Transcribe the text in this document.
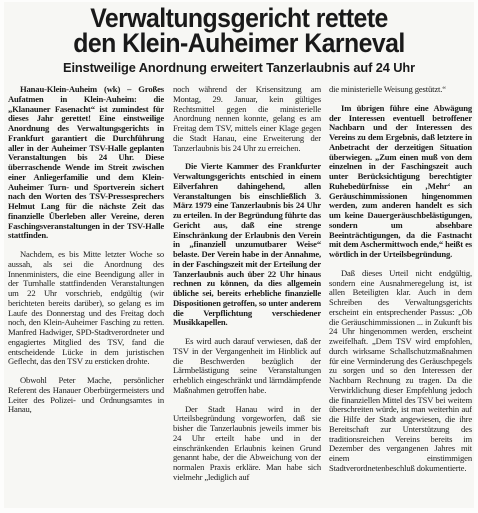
Verwaltungsgericht rettete
den Klein-Auheimer Karneval
Einstweilige Anordnung erweitert Tanzerlaubnis auf 24 Uhr

Hanau-Klein-Auheim (wk) – Großes Aufatmen in Klein-Auheim: die „Klanauner Fasenacht“ ist zumindest für dieses Jahr gerettet! Eine einstweilige Anordnung des Verwaltungsgerichts in Frankfurt garantiert die Durchführung aller in der Auheimer TSV-Halle geplanten Veranstaltungen bis 24 Uhr. Diese überraschende Wende im Streit zwischen einer Anliegerfamilie und dem Klein-Auheimer Turn- und Sportverein sichert nach den Worten des TSV-Pressesprechers Helmut Lang für die nächste Zeit das finanzielle Überleben aller Vereine, deren Faschingsveranstaltungen in der TSV-Halle stattfinden.

Nachdem, es bis Mitte letzter Woche so aussah, als sei die Anordnung des Innenministers, die eine Beendigung aller in der Turnhalle stattfindenden Veranstaltungen um 22 Uhr vorschrieb, endgültig (wir berichteten bereits darüber), so gelang es im Laufe des Donnerstag und des Freitag doch noch, den Klein-Auheimer Fasching zu retten. Manfred Hadwiger, SPD-Stadtverordneter und engagiertes Mitglied des TSV, fand die entscheidende Lücke in dem juristischen Geflecht, das den TSV zu ersticken drohte.

Obwohl Peter Mache, persönlicher Referent des Hanauer Oberbürgermeisters und Leiter des Polizei- und Ordnungsamtes in Hanau,

noch während der Krisensitzung am Montag, 29. Januar, kein gültiges Rechtsmittel gegen die ministerielle Anordnung nennen konnte, gelang es am Freitag dem TSV, mittels einer Klage gegen die Stadt Hanau, eine Erweiterung der Tanzerlaubnis bis 24 Uhr zu erreichen.

Die Vierte Kammer des Frankfurter Verwaltungsgerichts entschied in einem Eilverfahren dahingehend, allen Veranstaltungen bis einschließlich 3. März 1979 eine Tanzerlaubnis bis 24 Uhr zu erteilen. In der Begründung führte das Gericht aus, daß eine strenge Einschränkung der Erlaubnis den Verein in „finanziell unzumutbarer Weise“ belaste. Der Verein habe in der Annahme, in der Faschingszeit mit der Erteilung der Tanzerlaubnis auch über 22 Uhr hinaus rechnen zu können, da dies allgemein übliche sei, bereits erhebliche finanzielle Dispositionen getroffen, so unter anderem die Verpflichtung verschiedener Musikkapellen.

Es wird auch darauf verwiesen, daß der TSV in der Vergangenheit im Hinblick auf die Beschwerden bezüglich der Lärmbelästigung seine Veranstaltungen erheblich eingeschränkt und lärmdämpfende Maßnahmen getroffen habe.

Der Stadt Hanau wird in der Urteilsbegründung vorgeworfen, daß sie bisher die Tanzerlaubnis jeweils immer bis 24 Uhr erteilt habe und in der einschränkenden Erlaubnis keinen Grund genannt habe, der die Abweichung von der normalen Praxis erkläre. Man habe sich vielmehr „lediglich auf

die ministerielle Weisung gestützt.“

Im übrigen führe eine Abwägung der Interessen eventuell betroffener Nachbarn und der Interessen des Vereins zu dem Ergebnis, daß letztere in Anbetracht der derzeitigen Situation überwiegen. „Zum einen muß von dem einzelnen in der Faschingszeit auch unter Berücksichtigung berechtigter Ruhebedürfnisse ein ‚Mehr‘ an Geräuschimmissionen hingenommen werden, zum anderen handelt es sich um keine Dauergeräuschbelästigungen, sondern um absehbare Beeinträchtigungen, da die Fastnacht mit dem Aschermittwoch ende,“ heißt es wörtlich in der Urteilsbegründung.

Daß dieses Urteil nicht endgültig, sondern eine Ausnahmeregelung ist, ist allen Beteiligten klar. Auch in dem Schreiben des Verwaltungsgerichts erscheint ein entsprechender Passus: „Ob die Geräuschimmissionen ... in Zukunft bis 24 Uhr hingenommen werden, erscheint zweifelhaft. „Dem TSV wird empfohlen, durch wirksame Schallschutzmaßnahmen für eine Verminderung des Geräuschpegels zu sorgen und so den Interessen der Nachbarn Rechnung zu tragen. Da die Verwirklichung dieser Empfehlung jedoch die finanziellen Mittel des TSV bei weitem überschreiten würde, ist man weiterhin auf die Hilfe der Stadt angewiesen, die ihre Bereitschaft zur Unterstützung des traditionsreichen Vereins bereits im Dezember des vergangenen Jahres mit einem einstimmigen Stadtverordnetenbeschluß dokumentierte.
